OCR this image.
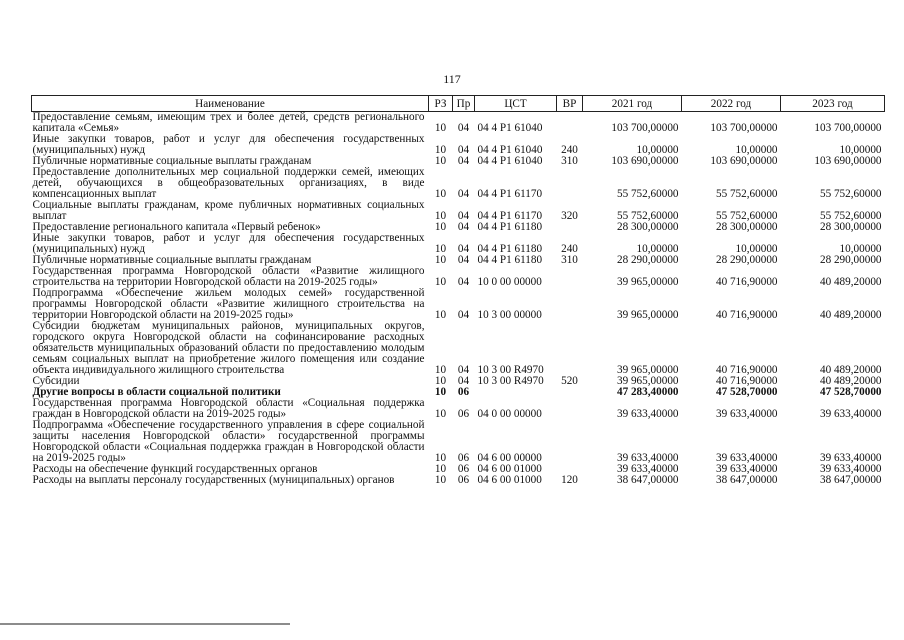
117
Наименование	РЗ	Пр	ЦСТ	ВР	2021 год	2022 год	2023 год
Предоставление семьям, имеющим трех и более детей, средств регионального капитала «Семья»	10	04	04 4 P1 61040		103 700,00000	103 700,00000	103 700,00000
Иные закупки товаров, работ и услуг для обеспечения государственных (муниципальных) нужд	10	04	04 4 P1 61040	240	10,00000	10,00000	10,00000
Публичные нормативные социальные выплаты гражданам	10	04	04 4 P1 61040	310	103 690,00000	103 690,00000	103 690,00000
Предоставление дополнительных мер социальной поддержки семей, имеющих детей, обучающихся в общеобразовательных организациях, в виде компенсационных выплат	10	04	04 4 P1 61170		55 752,60000	55 752,60000	55 752,60000
Социальные выплаты гражданам, кроме публичных нормативных социальных выплат	10	04	04 4 P1 61170	320	55 752,60000	55 752,60000	55 752,60000
Предоставление регионального капитала «Первый ребенок»	10	04	04 4 P1 61180		28 300,00000	28 300,00000	28 300,00000
Иные закупки товаров, работ и услуг для обеспечения государственных (муниципальных) нужд	10	04	04 4 P1 61180	240	10,00000	10,00000	10,00000
Публичные нормативные социальные выплаты гражданам	10	04	04 4 P1 61180	310	28 290,00000	28 290,00000	28 290,00000
Государственная программа Новгородской области «Развитие жилищного строительства на территории Новгородской области на 2019-2025 годы»	10	04	10 0 00 00000		39 965,00000	40 716,90000	40 489,20000
Подпрограмма «Обеспечение жильем молодых семей» государственной программы Новгородской области «Развитие жилищного строительства на территории Новгородской области на 2019-2025 годы»	10	04	10 3 00 00000		39 965,00000	40 716,90000	40 489,20000
Субсидии бюджетам муниципальных районов, муниципальных округов, городского округа Новгородской области на софинансирование расходных обязательств муниципальных образований области по предоставлению молодым семьям социальных выплат на приобретение жилого помещения или создание объекта индивидуального жилищного строительства	10	04	10 3 00 R4970		39 965,00000	40 716,90000	40 489,20000
Субсидии	10	04	10 3 00 R4970	520	39 965,00000	40 716,90000	40 489,20000
Другие вопросы в области социальной политики	10	06			47 283,40000	47 528,70000	47 528,70000
Государственная программа Новгородской области «Социальная поддержка граждан в Новгородской области на 2019-2025 годы»	10	06	04 0 00 00000		39 633,40000	39 633,40000	39 633,40000
Подпрограмма «Обеспечение государственного управления в сфере социальной защиты населения Новгородской области» государственной программы Новгородской области «Социальная поддержка граждан в Новгородской области на 2019-2025 годы»	10	06	04 6 00 00000		39 633,40000	39 633,40000	39 633,40000
Расходы на обеспечение функций государственных органов	10	06	04 6 00 01000		39 633,40000	39 633,40000	39 633,40000
Расходы на выплаты персоналу государственных (муниципальных) органов	10	06	04 6 00 01000	120	38 647,00000	38 647,00000	38 647,00000
